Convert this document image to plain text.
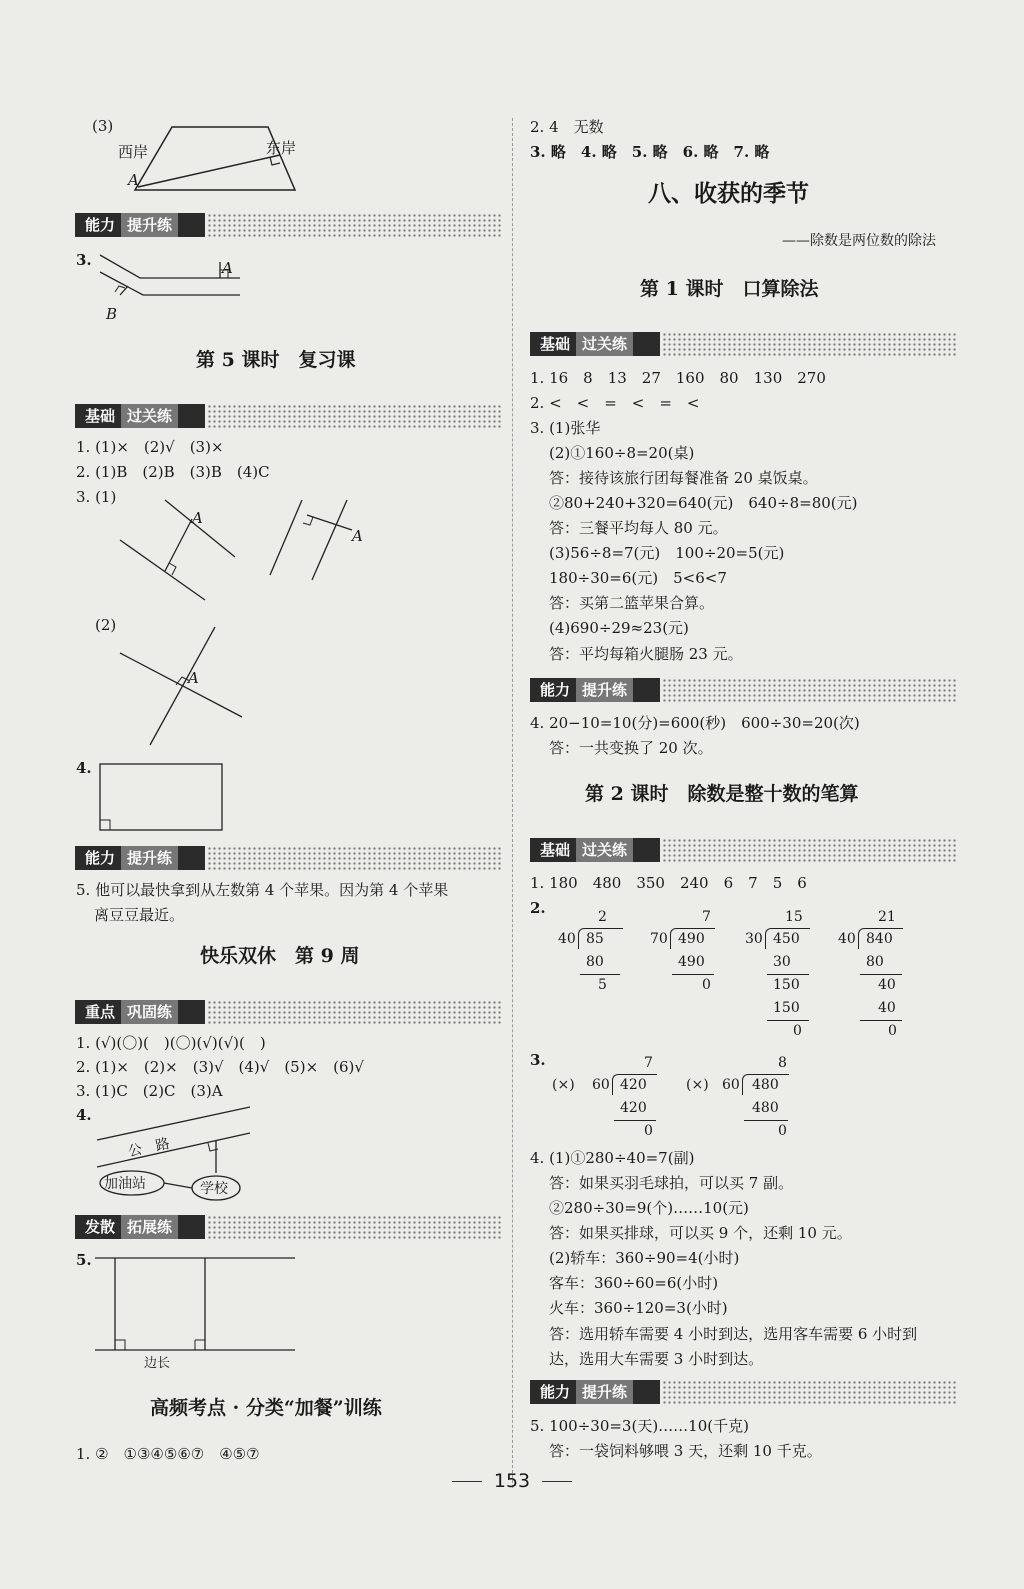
(3)
西岸	东岸
A
能力 提升练
3.	A
B
第 5 课时　复习课
基础 过关练
1. (1)×　(2)√　(3)×
2. (1)B　(2)B　(3)B　(4)C
3. (1)
A
A
(2)
A
4.
能力 提升练
5. 他可以最快拿到从左数第 4 个苹果。因为第 4 个苹果
离豆豆最近。
快乐双休　第 9 周
重点 巩固练
1. (√)(〇)(　)(〇)(√)(√)(　)
2. (1)×　(2)×　(3)√　(4)√　(5)×　(6)√
3. (1)C　(2)C　(3)A
4.
公　路
加油站	学校
发散 拓展练
5.
边长
高频考点 · 分类“加餐”训练
1. ②　①③④⑤⑥⑦　④⑤⑦
2. 4　无数
3. 略　4. 略　5. 略　6. 略　7. 略
八、收获的季节
——除数是两位数的除法
第 1 课时　口算除法
基础 过关练
1. 16　8　13　27　160　80　130　270
2. <　<　=　<　=　<
3. (1)张华
(2)①160÷8=20(桌)
答：接待该旅行团每餐准备 20 桌饭桌。
②80+240+320=640(元)　640÷8=80(元)
答：三餐平均每人 80 元。
(3)56÷8=7(元)　100÷20=5(元)
180÷30=6(元)　5<6<7
答：买第二篮苹果合算。
(4)690÷29≈23(元)
答：平均每箱火腿肠 23 元。
能力 提升练
4. 20−10=10(分)=600(秒)　600÷30=20(次)
答：一共变换了 20 次。
第 2 课时　除数是整十数的笔算
基础 过关练
1. 180　480　350　240　6　7　5　6
2.	2
40 85
80
5
7
70 490
490
0
15
30 450
30
150
150
0
21
40 840
80
40
40
0
3.
(×)
7
60 420
420
0
(×)
8
60 480
480
0
4. (1)①280÷40=7(副)
答：如果买羽毛球拍，可以买 7 副。
②280÷30=9(个)……10(元)
答：如果买排球，可以买 9 个，还剩 10 元。
(2)轿车：360÷90=4(小时)
客车：360÷60=6(小时)
火车：360÷120=3(小时)
答：选用轿车需要 4 小时到达，选用客车需要 6 小时到
达，选用大车需要 3 小时到达。
能力 提升练
5. 100÷30=3(天)……10(千克)
答：一袋饲料够喂 3 天，还剩 10 千克。
153
